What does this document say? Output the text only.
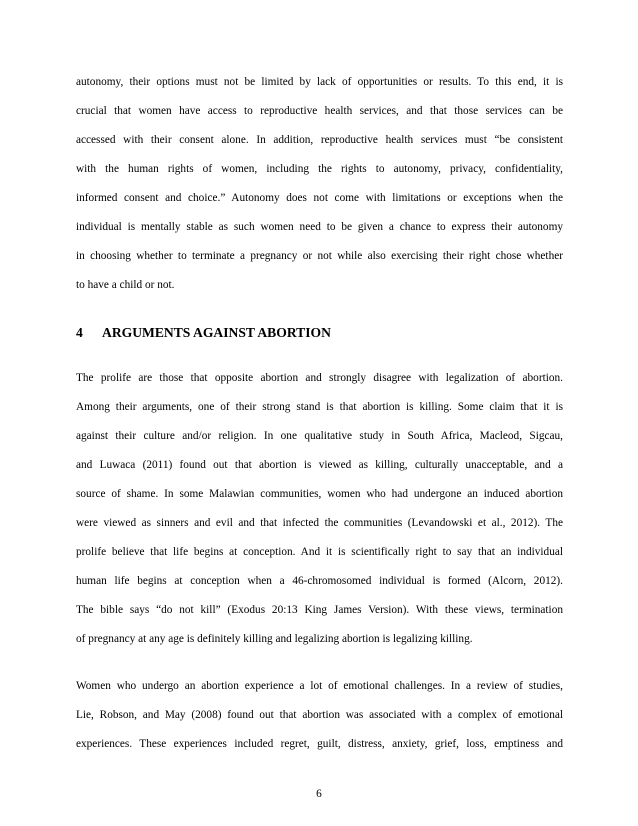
autonomy, their options must not be limited by lack of opportunities or results. To this end, it is
crucial that women have access to reproductive health services, and that those services can be
accessed with their consent alone. In addition, reproductive health services must “be consistent
with the human rights of women, including the rights to autonomy, privacy, confidentiality,
informed consent and choice.” Autonomy does not come with limitations or exceptions when the
individual is mentally stable as such women need to be given a chance to express their autonomy
in choosing whether to terminate a pregnancy or not while also exercising their right chose whether
to have a child or not.
4 ARGUMENTS AGAINST ABORTION
The prolife are those that opposite abortion and strongly disagree with legalization of abortion.
Among their arguments, one of their strong stand is that abortion is killing. Some claim that it is
against their culture and/or religion. In one qualitative study in South Africa, Macleod, Sigcau,
and Luwaca (2011) found out that abortion is viewed as killing, culturally unacceptable, and a
source of shame. In some Malawian communities, women who had undergone an induced abortion
were viewed as sinners and evil and that infected the communities (Levandowski et al., 2012). The
prolife believe that life begins at conception. And it is scientifically right to say that an individual
human life begins at conception when a 46-chromosomed individual is formed (Alcorn, 2012).
The bible says “do not kill” (Exodus 20:13 King James Version). With these views, termination
of pregnancy at any age is definitely killing and legalizing abortion is legalizing killing.
Women who undergo an abortion experience a lot of emotional challenges. In a review of studies,
Lie, Robson, and May (2008) found out that abortion was associated with a complex of emotional
experiences. These experiences included regret, guilt, distress, anxiety, grief, loss, emptiness and
6
